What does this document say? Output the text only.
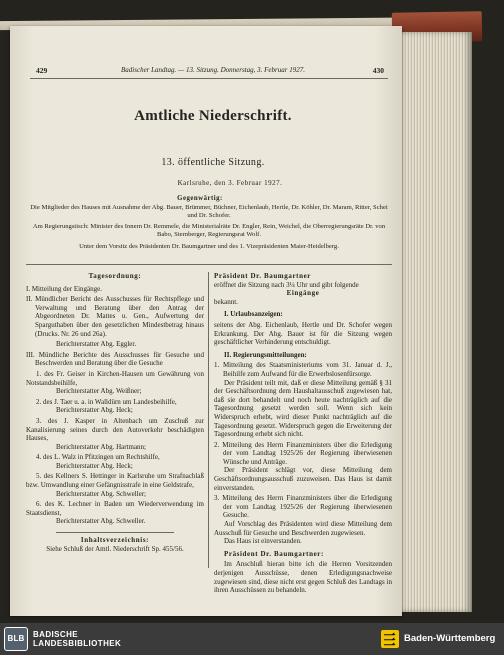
429	Badischer Landtag. — 13. Sitzung. Donnerstag, 3. Februar 1927.	430
Amtliche Niederschrift.
13. öffentliche Sitzung.
Karlsruhe, den 3. Februar 1927.
Gegenwärtig:
Die Mitglieder des Hauses mit Ausnahme der Abg. Bauer, Brümmer, Büchner, Eichenlaub, Hertle, Dr. Köhler, Dr. Maram, Ritter, Schei und Dr. Schofer.
Am Regierungstisch: Minister des Innern Dr. Remmele, die Ministerialräte Dr. Engler, Rein, Weichel, die Oberregierungsräte Dr. von Babo, Sternberger, Regierungsrat Wolf.
Unter dem Vorsitz des Präsidenten Dr. Baumgartner und des 1. Vizepräsidenten Maier-Heidelberg.

Tagesordnung:

I. Mitteilung der Eingänge.

II. Mündlicher Bericht des Ausschusses für Rechtspflege und Verwaltung und Beratung über den Antrag der Abgeordneten Dr. Mattes u. Gen., Aufwertung der Sparguthaben über den gesetzlichen Mindestbetrag hinaus (Drucks. Nr. 26 und 26a).

Berichterstatter Abg. Eggler.

III. Mündliche Berichte des Ausschusses für Gesuche und Beschwerden und Beratung über die Gesuche

1. des Fr. Geiser in Kirchen-Hausen um Gewährung von Notstandsbeihilfe,

Berichterstatter Abg. Weißner;

2. des J. Taer u. a. in Walldürn um Landesbeihilfe,

Berichterstatter Abg. Heck;

3. des J. Kasper in Altenbach um Zuschuß zur Kanalisierung seines durch den Autoverkehr beschädigten Hauses,

Berichterstatter Abg. Hartmann;

4. des L. Walz in Pfitzingen um Rechtshilfe,

Berichterstatter Abg. Heck;

5. des Kellners S. Hettinger in Karlsruhe um Strafnachlaß bzw. Umwandlung einer Gefängnisstrafe in eine Geldstrafe,

Berichterstatter Abg. Schweller;

6. des K. Lechner in Baden um Wiederverwendung im Staatsdienst,

Berichterstatter Abg. Schweller.

Inhaltsverzeichnis:

Siehe Schluß der Amtl. Niederschrift Sp. 455/56.

Präsident Dr. Baumgartner

eröffnet die Sitzung nach 3¼ Uhr und gibt folgende

Eingänge

bekannt.

I. Urlaubsanzeigen:

seitens der Abg. Eichenlaub, Hertle und Dr. Schofer wegen Erkrankung. Der Abg. Bauer ist für die Sitzung wegen geschäftlicher Verhinderung entschuldigt.

II. Regierungsmitteilungen:

1. Mitteilung des Staatsministeriums vom 31. Januar d. J., Beihilfe zum Aufwand für die Erwerbslosenfürsorge.

Der Präsident teilt mit, daß er diese Mitteilung gemäß § 31 der Geschäftsordnung dem Haushaltausschuß zugewiesen hat, daß sie dort behandelt und noch heute nachträglich auf die Tagesordnung gesetzt werden soll. Wenn sich kein Widerspruch erhebt, wird dieser Punkt nachträglich auf die Tagesordnung gesetzt. Widerspruch gegen die Erweiterung der Tagesordnung erhebt sich nicht.

2. Mitteilung des Herrn Finanzministers über die Erledigung der vom Landtag 1925/26 der Regierung überwiesenen Wünsche und Anträge.

Der Präsident schlägt vor, diese Mitteilung dem Geschäftsordnungsausschuß zuzuweisen. Das Haus ist damit einverstanden.

3. Mitteilung des Herrn Finanzministers über die Erledigung der vom Landtag 1925/26 der Regierung überwiesenen Gesuche.

Auf Vorschlag des Präsidenten wird diese Mitteilung dem Ausschuß für Gesuche und Beschwerden zugewiesen.

Das Haus ist einverstanden.

Präsident Dr. Baumgartner:

Im Anschluß hieran bitte ich die Herren Vorsitzenden derjenigen Ausschüsse, denen Erledigungsnachweise zugewiesen sind, diese nicht erst gegen Schluß des Landtags in ihren Ausschüssen zu behandeln.

BLB	BADISCHE
LANDESBIBLIOTHEK	Baden-Württemberg
